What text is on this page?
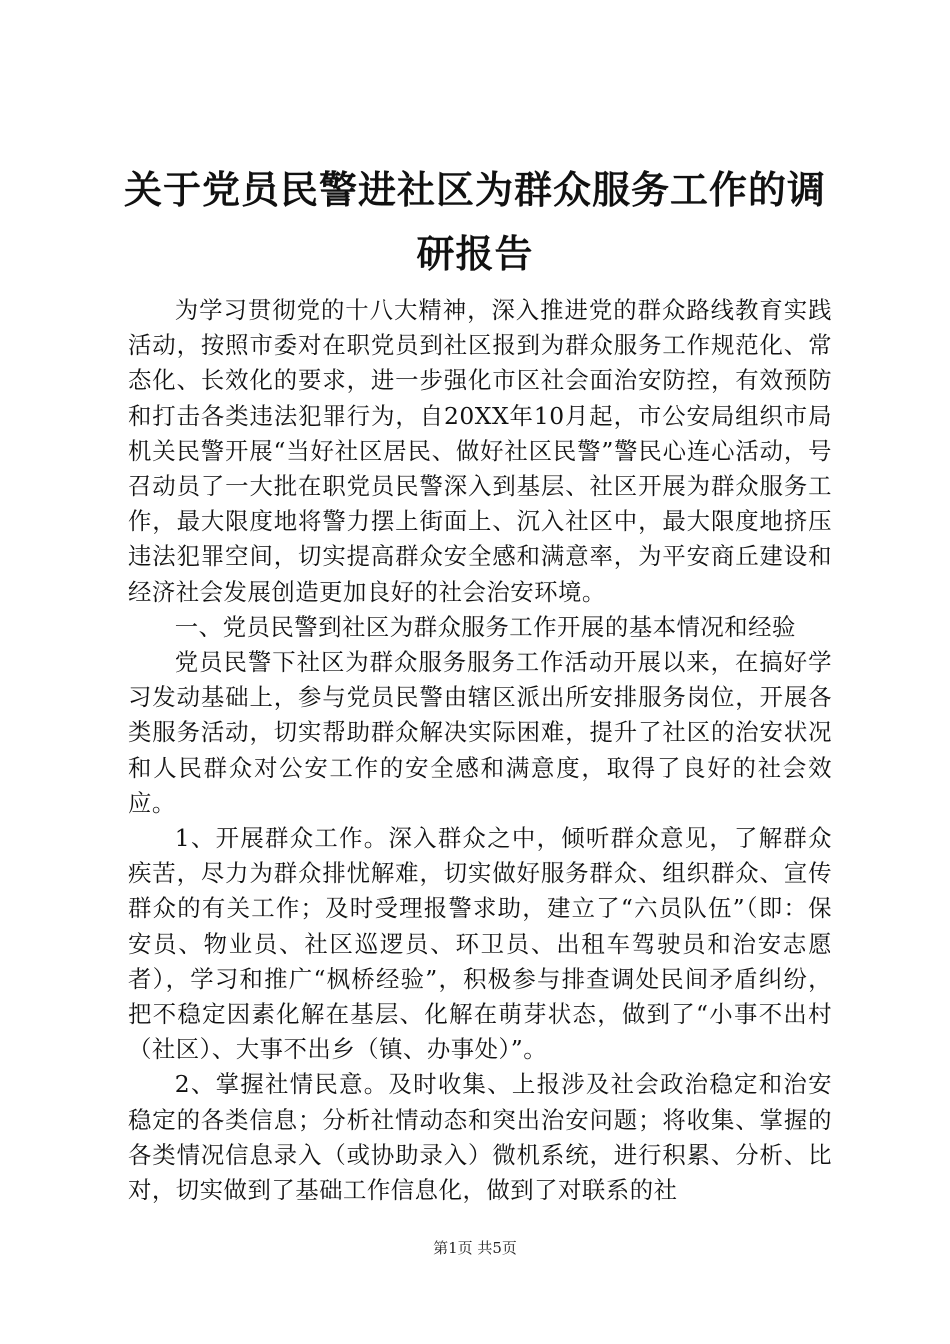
关于党员民警进社区为群众服务工作的调研报告

为学习贯彻党的十八大精神，深入推进党的群众路线教育实践活动，按照市委对在职党员到社区报到为群众服务工作规范化、常态化、长效化的要求，进一步强化市区社会面治安防控，有效预防和打击各类违法犯罪行为，自20XX年10月起，市公安局组织市局机关民警开展“当好社区居民、做好社区民警”警民心连心活动，号召动员了一大批在职党员民警深入到基层、社区开展为群众服务工作，最大限度地将警力摆上街面上、沉入社区中，最大限度地挤压违法犯罪空间，切实提高群众安全感和满意率，为平安商丘建设和经济社会发展创造更加良好的社会治安环境。

一、党员民警到社区为群众服务工作开展的基本情况和经验

党员民警下社区为群众服务服务工作活动开展以来，在搞好学习发动基础上，参与党员民警由辖区派出所安排服务岗位，开展各类服务活动，切实帮助群众解决实际困难，提升了社区的治安状况和人民群众对公安工作的安全感和满意度，取得了良好的社会效应。

1、开展群众工作。深入群众之中，倾听群众意见，了解群众疾苦，尽力为群众排忧解难，切实做好服务群众、组织群众、宣传群众的有关工作；及时受理报警求助，建立了“六员队伍”（即：保安员、物业员、社区巡逻员、环卫员、出租车驾驶员和治安志愿者），学习和推广“枫桥经验”，积极参与排查调处民间矛盾纠纷，把不稳定因素化解在基层、化解在萌芽状态，做到了“小事不出村（社区）、大事不出乡（镇、办事处）”。

2、掌握社情民意。及时收集、上报涉及社会政治稳定和治安稳定的各类信息；分析社情动态和突出治安问题；将收集、掌握的各类情况信息录入（或协助录入）微机系统，进行积累、分析、比对，切实做到了基础工作信息化，做到了对联系的社

第1页 共5页
